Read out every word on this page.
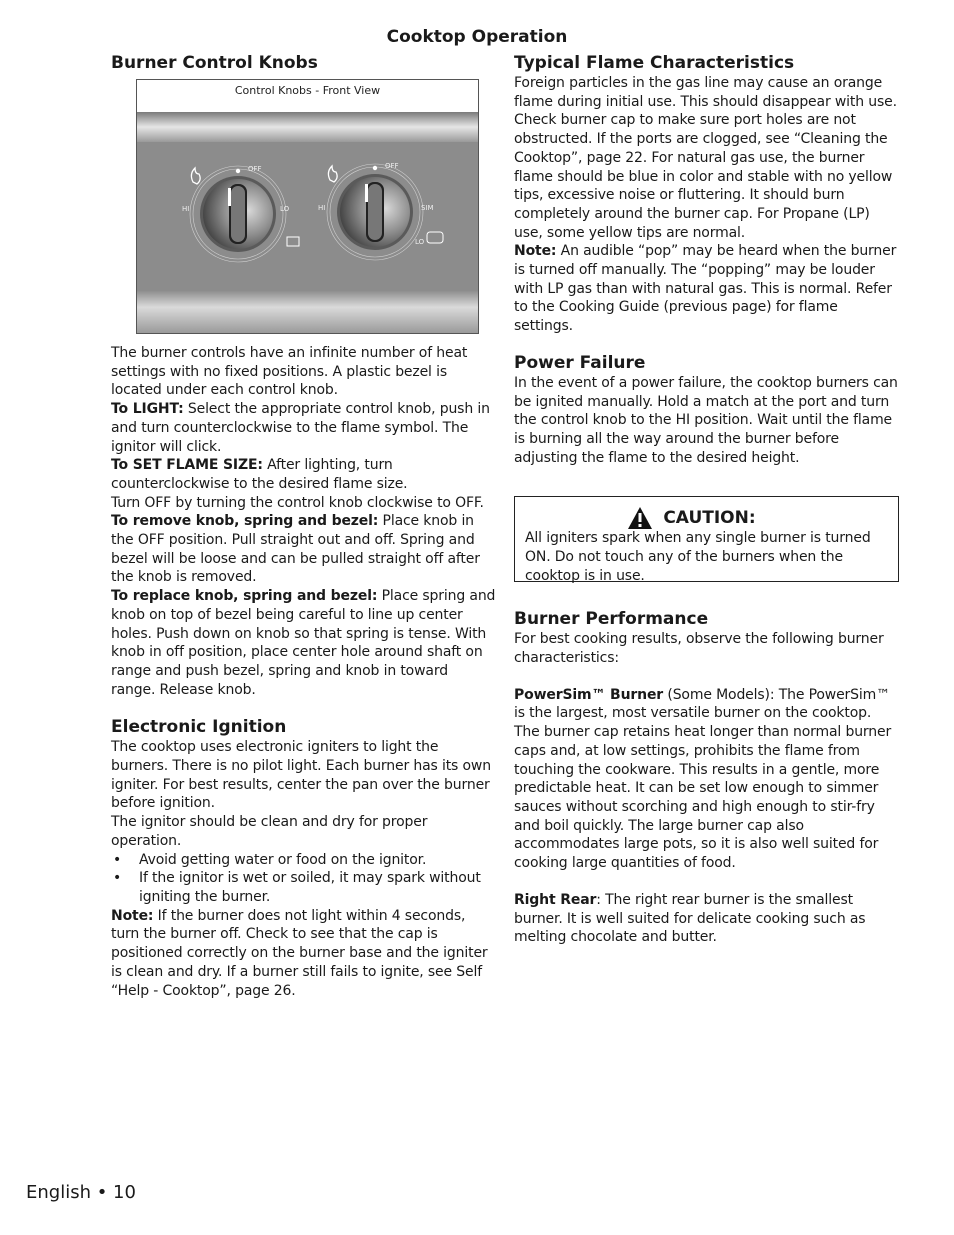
Cooktop Operation
Burner Control Knobs
Control Knobs - Front View
OFF
HI	LO
OFF
HI	SIM
LO

The burner controls have an infinite number of heat settings with no fixed positions. A plastic bezel is located under each control knob.

To LIGHT: Select the appropriate control knob, push in and turn counterclockwise to the flame symbol. The ignitor will click.

To SET FLAME SIZE: After lighting, turn counterclockwise to the desired flame size.

Turn OFF by turning the control knob clockwise to OFF.

To remove knob, spring and bezel: Place knob in the OFF position. Pull straight out and off. Spring and bezel will be loose and can be pulled straight off after the knob is removed.

To replace knob, spring and bezel: Place spring and knob on top of bezel being careful to line up center holes. Push down on knob so that spring is tense. With knob in off position, place center hole around shaft on range and push bezel, spring and knob in toward range. Release knob.

Electronic Ignition

The cooktop uses electronic igniters to light the burners. There is no pilot light. Each burner has its own igniter. For best results, center the pan over the burner before ignition.

The ignitor should be clean and dry for proper operation.

• Avoid getting water or food on the ignitor.
• If the ignitor is wet or soiled, it may spark without igniting the burner.

Note: If the burner does not light within 4 seconds, turn the burner off. Check to see that the cap is positioned correctly on the burner base and the igniter is clean and dry. If a burner still fails to ignite, see Self “Help - Cooktop”, page 26.

Typical Flame Characteristics

Foreign particles in the gas line may cause an orange flame during initial use. This should disappear with use. Check burner cap to make sure port holes are not obstructed. If the ports are clogged, see “Cleaning the Cooktop”, page 22. For natural gas use, the burner flame should be blue in color and stable with no yellow tips, excessive noise or fluttering. It should burn completely around the burner cap. For Propane (LP) use, some yellow tips are normal.

Note: An audible “pop” may be heard when the burner is turned off manually. The “popping” may be louder with LP gas than with natural gas. This is normal. Refer to the Cooking Guide (previous page) for flame settings.

Power Failure

In the event of a power failure, the cooktop burners can be ignited manually. Hold a match at the port and turn the control knob to the HI position. Wait until the flame is burning all the way around the burner before adjusting the flame to the desired height.

CAUTION:

All igniters spark when any single burner is turned ON. Do not touch any of the burners when the cooktop is in use.

Burner Performance

For best cooking results, observe the following burner characteristics:

PowerSim™ Burner (Some Models): The PowerSim™ is the largest, most versatile burner on the cooktop. The burner cap retains heat longer than normal burner caps and, at low settings, prohibits the flame from touching the cookware. This results in a gentle, more predictable heat. It can be set low enough to simmer sauces without scorching and high enough to stir-fry and boil quickly. The large burner cap also accommodates large pots, so it is also well suited for cooking large quantities of food.

Right Rear: The right rear burner is the smallest burner. It is well suited for delicate cooking such as melting chocolate and butter.

English • 10
